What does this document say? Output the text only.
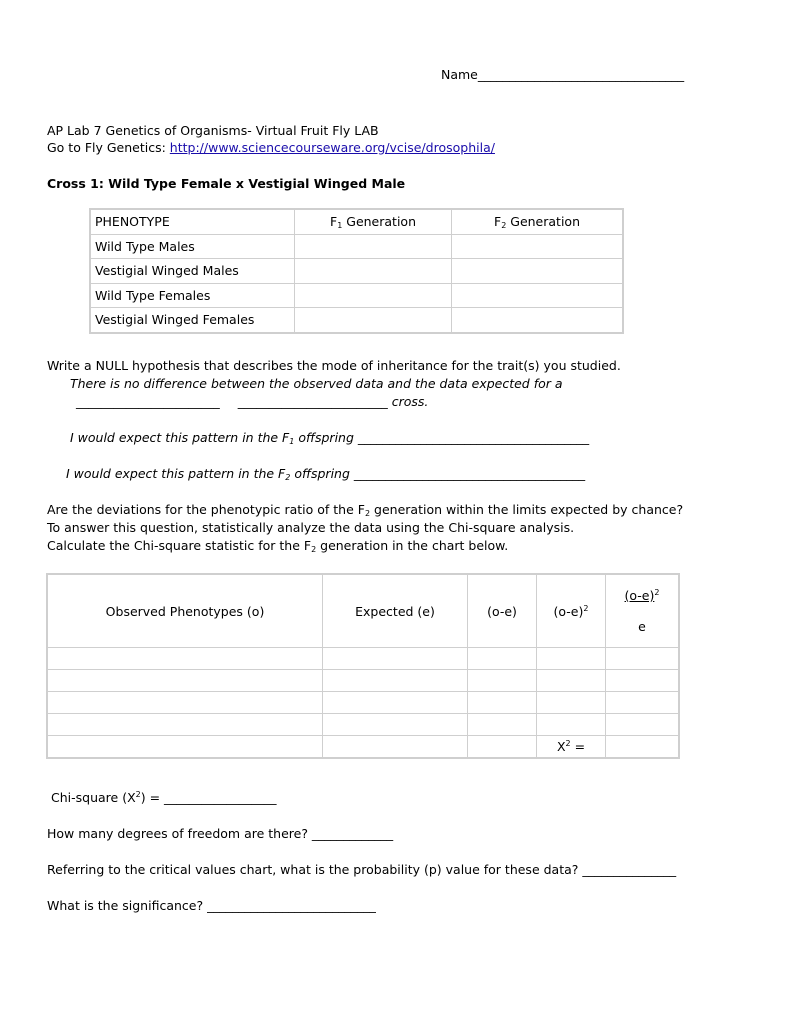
Name_________________________________
AP Lab 7 Genetics of Organisms- Virtual Fruit Fly LAB
Go to Fly Genetics: http://www.sciencecourseware.org/vcise/drosophila/
Cross 1: Wild Type Female x Vestigial Winged Male
PHENOTYPE	$F_1$ Generation	$F_2$ Generation
Wild Type Males		
Vestigial Winged Males		
Wild Type Females		
Vestigial Winged Females		
Write a NULL hypothesis that describes the mode of inheritance for the trait(s) you studied.
There is no difference between the observed data and the data expected for a
_______________________ ________________________ cross.
I would expect this pattern in the $F_1$ offspring _____________________________________
I would expect this pattern in the $F_2$ offspring _____________________________________
Are the deviations for the phenotypic ratio of the $F_2$ generation within the limits expected by chance?
To answer this question, statistically analyze the data using the Chi-square analysis.
Calculate the Chi-square statistic for the $F_2$ generation in the chart below.
Observed Phenotypes (o)	Expected (e)	(o-e)	$(o-e)^2$	$(o-e)^2$
e

			$X^2$ =	
Chi-square $(X^2)$ = __________________
How many degrees of freedom are there? _____________
Referring to the critical values chart, what is the probability (p) value for these data? _______________
What is the significance? ___________________________
